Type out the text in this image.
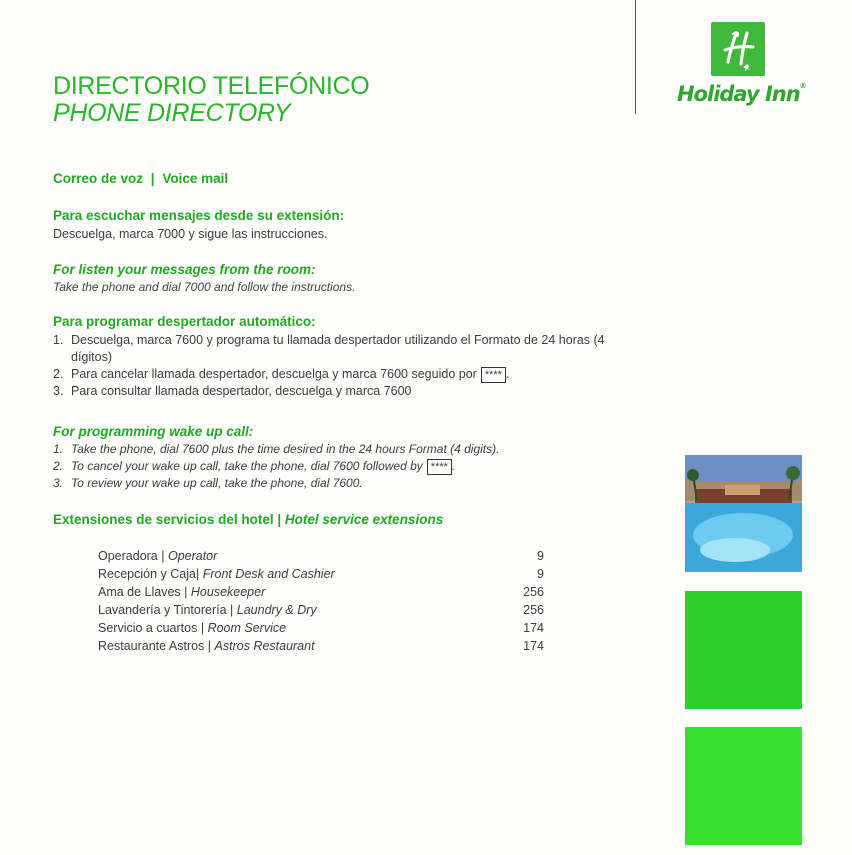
DIRECTORIO TELEFÓNICO
PHONE DIRECTORY
Holiday Inn®
Correo de voz | Voice mail
Para escuchar mensajes desde su extensión:
Descuelga, marca 7000 y sigue las instrucciones.
For listen your messages from the room:
Take the phone and dial 7000 and follow the instructions.
Para programar despertador automático:
1. Descuelga, marca 7600 y programa tu llamada despertador utilizando el Formato de 24 horas (4 dígitos)
2. Para cancelar llamada despertador, descuelga y marca 7600 seguido por **** .
3. Para consultar llamada despertador, descuelga y marca 7600
For programming wake up call:
1. Take the phone, dial 7600 plus the time desired in the 24 hours Format (4 digits).
2. To cancel your wake up call, take the phone, dial 7600 followed by **** .
3. To review your wake up call, take the phone, dial 7600.
Extensiones de servicios del hotel | Hotel service extensions
Operadora | Operator	9
Recepción y Caja| Front Desk and Cashier	9
Ama de Llaves | Housekeeper	256
Lavandería y Tintorería | Laundry & Dry	256
Servicio a cuartos | Room Service	174
Restaurante Astros | Astros Restaurant	174
